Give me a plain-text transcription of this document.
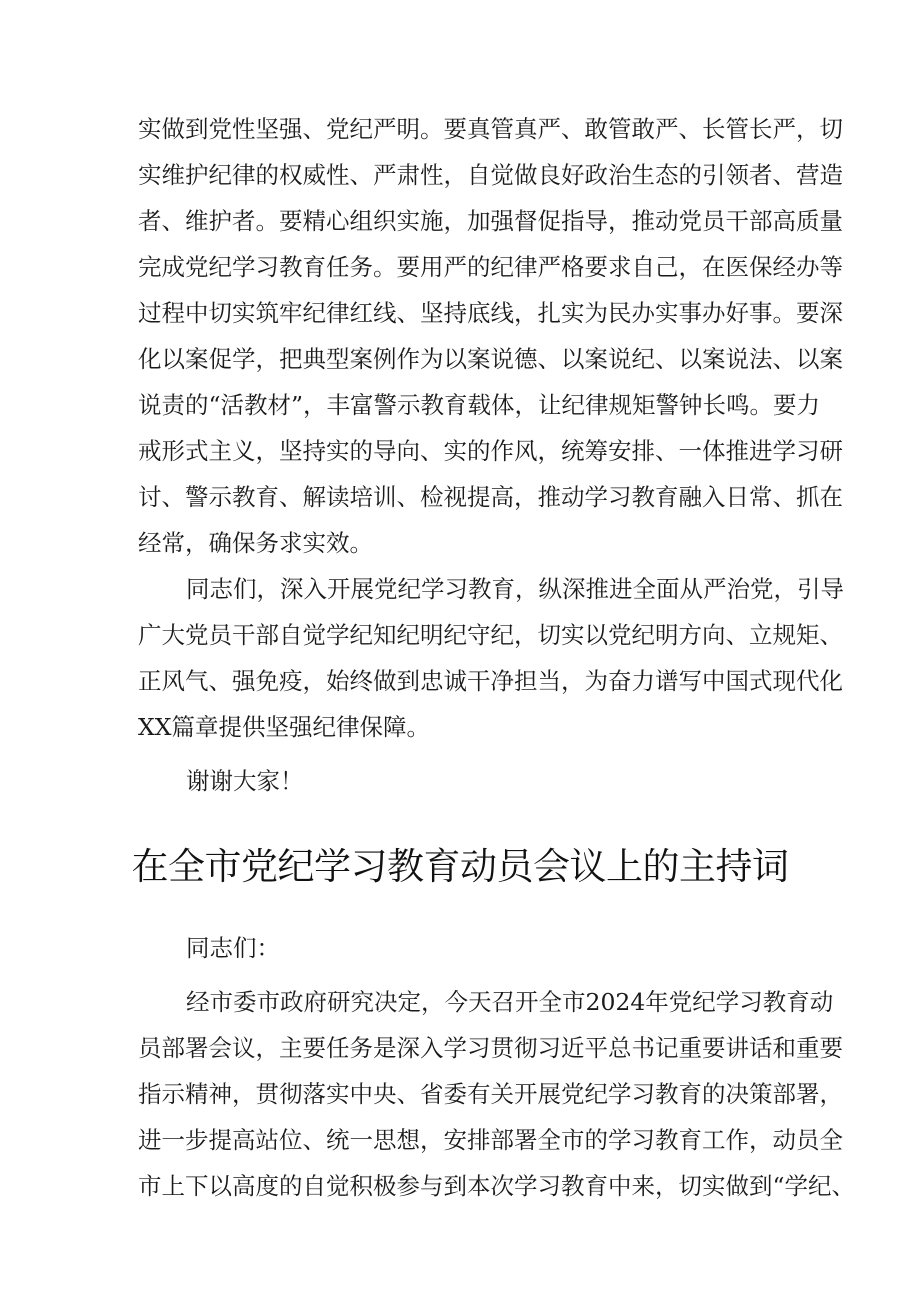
实做到党性坚强、党纪严明。要真管真严、敢管敢严、长管长严，切
实维护纪律的权威性、严肃性，自觉做良好政治生态的引领者、营造
者、维护者。要精心组织实施，加强督促指导，推动党员干部高质量
完成党纪学习教育任务。要用严的纪律严格要求自己，在医保经办等
过程中切实筑牢纪律红线、坚持底线，扎实为民办实事办好事。要深
化以案促学，把典型案例作为以案说德、以案说纪、以案说法、以案
说责的“活教材”，丰富警示教育载体，让纪律规矩警钟长鸣。要力
戒形式主义，坚持实的导向、实的作风，统筹安排、一体推进学习研
讨、警示教育、解读培训、检视提高，推动学习教育融入日常、抓在
经常，确保务求实效。
同志们，深入开展党纪学习教育，纵深推进全面从严治党，引导
广大党员干部自觉学纪知纪明纪守纪，切实以党纪明方向、立规矩、
正风气、强免疫，始终做到忠诚干净担当，为奋力谱写中国式现代化
XX篇章提供坚强纪律保障。
谢谢大家！
在全市党纪学习教育动员会议上的主持词
同志们：
经市委市政府研究决定，今天召开全市2024年党纪学习教育动
员部署会议，主要任务是深入学习贯彻习近平总书记重要讲话和重要
指示精神，贯彻落实中央、省委有关开展党纪学习教育的决策部署，
进一步提高站位、统一思想，安排部署全市的学习教育工作，动员全
市上下以高度的自觉积极参与到本次学习教育中来，切实做到“学纪、
